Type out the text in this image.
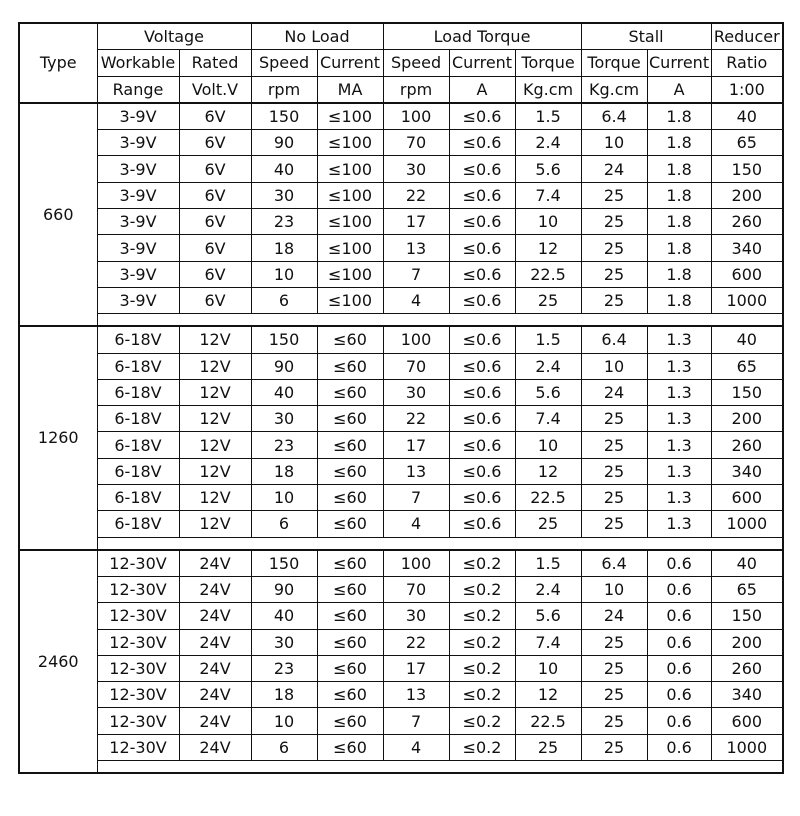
Type	Voltage		No Load		Load Torque			Stall		Reducer
	Workable	Rated	Speed	Current	Speed	Current	Torque	Torque	Current	Ratio
	Range	Volt.V	rpm	MA	rpm	A	Kg.cm	Kg.cm	A	1:00
660	3-9V	6V	150	≤100	100	≤0.6	1.5	6.4	1.8	40
	3-9V	6V	90	≤100	70	≤0.6	2.4	10	1.8	65
	3-9V	6V	40	≤100	30	≤0.6	5.6	24	1.8	150
	3-9V	6V	30	≤100	22	≤0.6	7.4	25	1.8	200
	3-9V	6V	23	≤100	17	≤0.6	10	25	1.8	260
	3-9V	6V	18	≤100	13	≤0.6	12	25	1.8	340
	3-9V	6V	10	≤100	7	≤0.6	22.5	25	1.8	600
	3-9V	6V	6	≤100	4	≤0.6	25	25	1.8	1000

1260	6-18V	12V	150	≤60	100	≤0.6	1.5	6.4	1.3	40
	6-18V	12V	90	≤60	70	≤0.6	2.4	10	1.3	65
	6-18V	12V	40	≤60	30	≤0.6	5.6	24	1.3	150
	6-18V	12V	30	≤60	22	≤0.6	7.4	25	1.3	200
	6-18V	12V	23	≤60	17	≤0.6	10	25	1.3	260
	6-18V	12V	18	≤60	13	≤0.6	12	25	1.3	340
	6-18V	12V	10	≤60	7	≤0.6	22.5	25	1.3	600
	6-18V	12V	6	≤60	4	≤0.6	25	25	1.3	1000

2460	12-30V	24V	150	≤60	100	≤0.2	1.5	6.4	0.6	40
	12-30V	24V	90	≤60	70	≤0.2	2.4	10	0.6	65
	12-30V	24V	40	≤60	30	≤0.2	5.6	24	0.6	150
	12-30V	24V	30	≤60	22	≤0.2	7.4	25	0.6	200
	12-30V	24V	23	≤60	17	≤0.2	10	25	0.6	260
	12-30V	24V	18	≤60	13	≤0.2	12	25	0.6	340
	12-30V	24V	10	≤60	7	≤0.2	22.5	25	0.6	600
	12-30V	24V	6	≤60	4	≤0.2	25	25	0.6	1000
